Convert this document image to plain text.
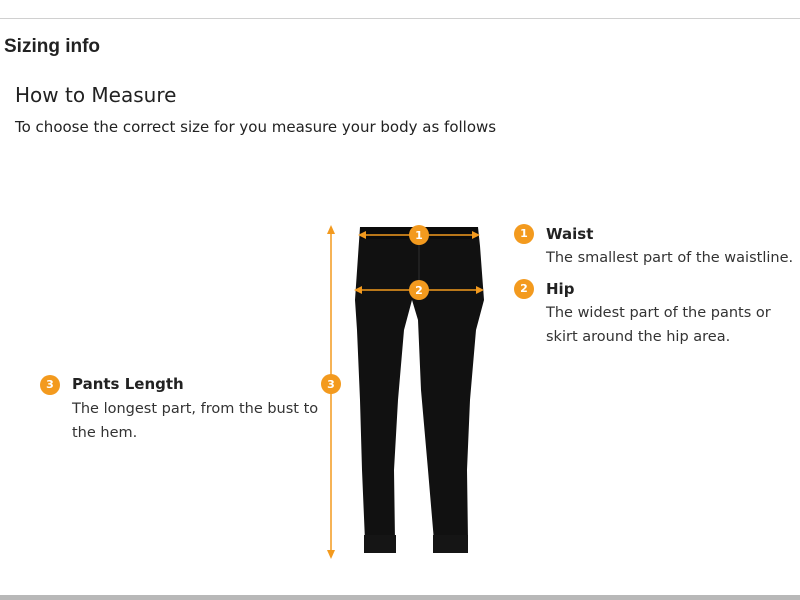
Sizing info
How to Measure
To choose the correct size for you measure your body as follows
1
2
3
1	Waist
The smallest part of the waistline.
2	Hip
The widest part of the pants or skirt around the hip area.
3	Pants Length
The longest part, from the bust to the hem.
